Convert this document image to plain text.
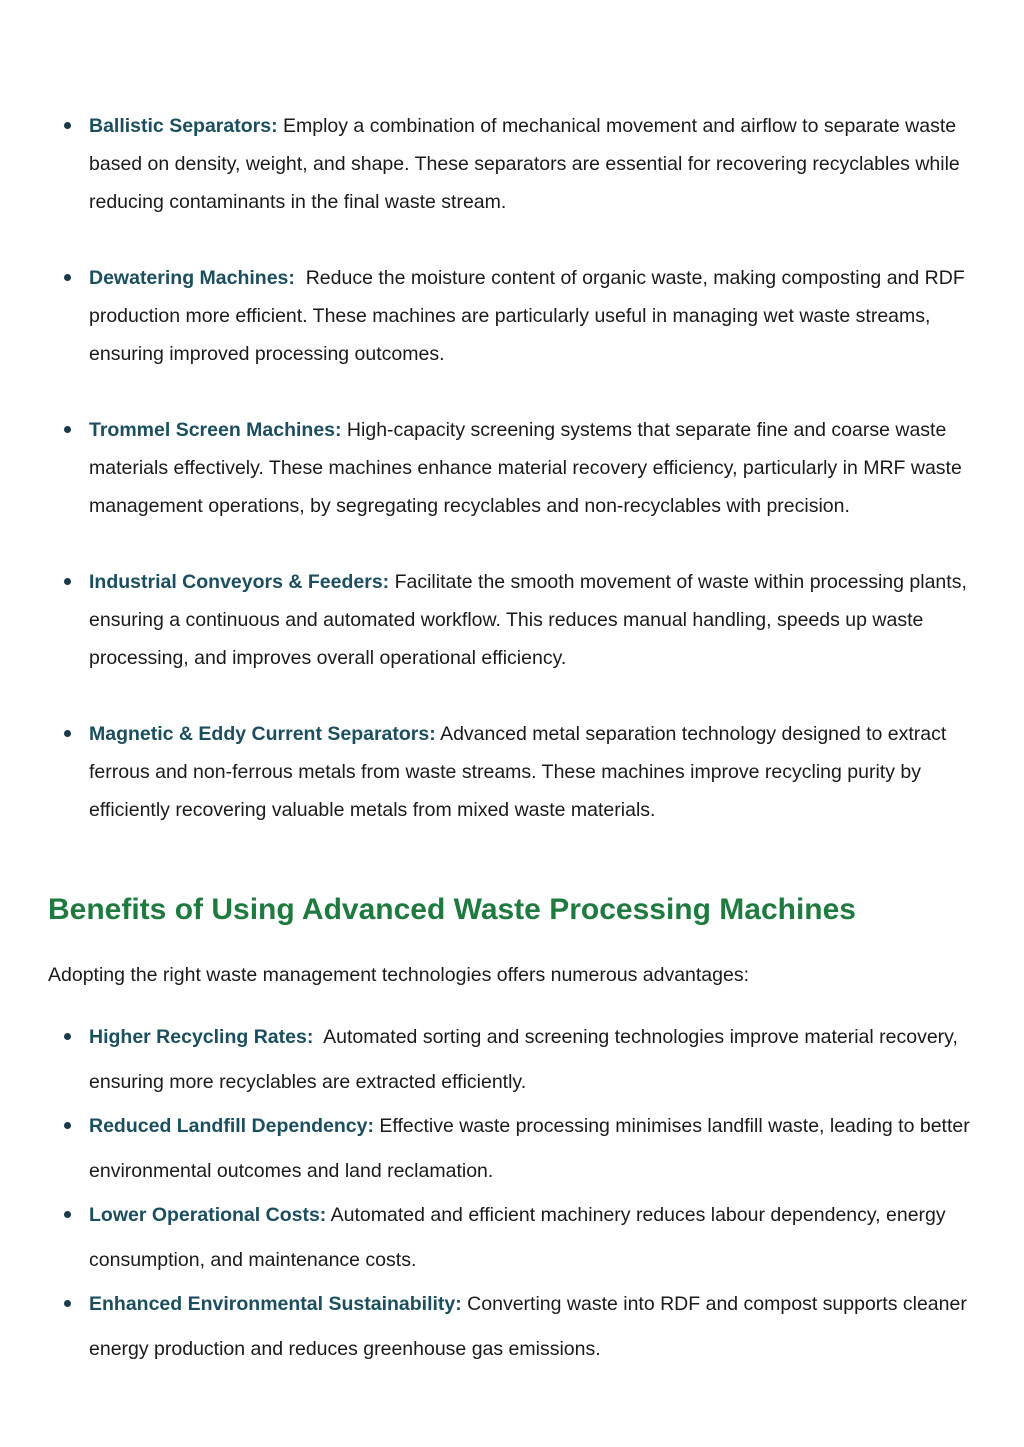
Ballistic Separators: Employ a combination of mechanical movement and airflow to separate waste based on density, weight, and shape. These separators are essential for recovering recyclables while reducing contaminants in the final waste stream.
Dewatering Machines:  Reduce the moisture content of organic waste, making composting and RDF production more efficient. These machines are particularly useful in managing wet waste streams, ensuring improved processing outcomes.
Trommel Screen Machines: High-capacity screening systems that separate fine and coarse waste materials effectively. These machines enhance material recovery efficiency, particularly in MRF waste management operations, by segregating recyclables and non-recyclables with precision.
Industrial Conveyors & Feeders: Facilitate the smooth movement of waste within processing plants, ensuring a continuous and automated workflow. This reduces manual handling, speeds up waste processing, and improves overall operational efficiency.
Magnetic & Eddy Current Separators: Advanced metal separation technology designed to extract ferrous and non-ferrous metals from waste streams. These machines improve recycling purity by efficiently recovering valuable metals from mixed waste materials.
Benefits of Using Advanced Waste Processing Machines

Adopting the right waste management technologies offers numerous advantages:

Higher Recycling Rates:  Automated sorting and screening technologies improve material recovery, ensuring more recyclables are extracted efficiently.
Reduced Landfill Dependency: Effective waste processing minimises landfill waste, leading to better environmental outcomes and land reclamation.
Lower Operational Costs: Automated and efficient machinery reduces labour dependency, energy consumption, and maintenance costs.
Enhanced Environmental Sustainability: Converting waste into RDF and compost supports cleaner energy production and reduces greenhouse gas emissions.
